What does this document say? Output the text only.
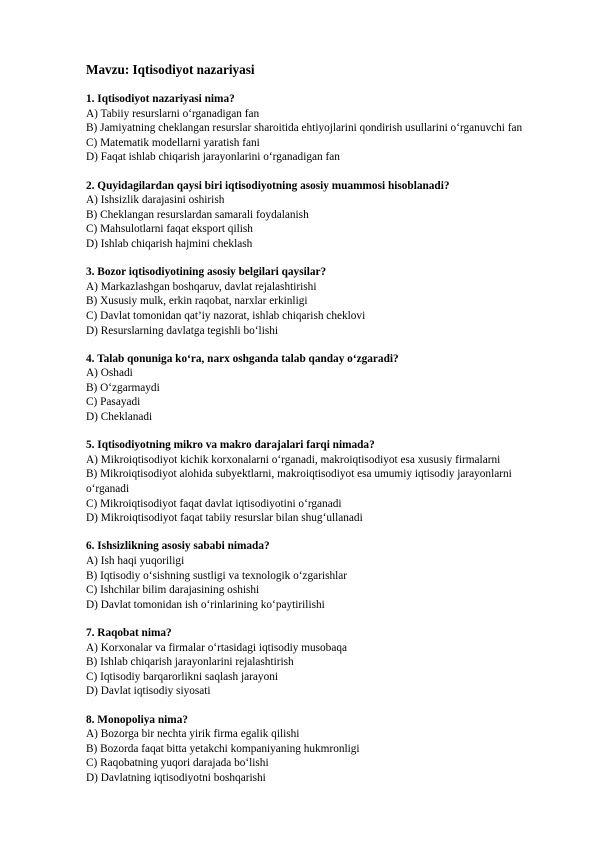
Mavzu: Iqtisodiyot nazariyasi
1. Iqtisodiyot nazariyasi nima?
A) Tabiiy resurslarni o‘rganadigan fan
B) Jamiyatning cheklangan resurslar sharoitida ehtiyojlarini qondirish usullarini o‘rganuvchi fan
C) Matematik modellarni yaratish fani
D) Faqat ishlab chiqarish jarayonlarini o‘rganadigan fan
2. Quyidagilardan qaysi biri iqtisodiyotning asosiy muammosi hisoblanadi?
A) Ishsizlik darajasini oshirish
B) Cheklangan resurslardan samarali foydalanish
C) Mahsulotlarni faqat eksport qilish
D) Ishlab chiqarish hajmini cheklash
3. Bozor iqtisodiyotining asosiy belgilari qaysilar?
A) Markazlashgan boshqaruv, davlat rejalashtirishi
B) Xususiy mulk, erkin raqobat, narxlar erkinligi
C) Davlat tomonidan qat’iy nazorat, ishlab chiqarish cheklovi
D) Resurslarning davlatga tegishli bo‘lishi
4. Talab qonuniga ko‘ra, narx oshganda talab qanday o‘zgaradi?
A) Oshadi
B) O‘zgarmaydi
C) Pasayadi
D) Cheklanadi
5. Iqtisodiyotning mikro va makro darajalari farqi nimada?
A) Mikroiqtisodiyot kichik korxonalarni o‘rganadi, makroiqtisodiyot esa xususiy firmalarni
B) Mikroiqtisodiyot alohida subyektlarni, makroiqtisodiyot esa umumiy iqtisodiy jarayonlarni o‘rganadi
C) Mikroiqtisodiyot faqat davlat iqtisodiyotini o‘rganadi
D) Mikroiqtisodiyot faqat tabiiy resurslar bilan shug‘ullanadi
6. Ishsizlikning asosiy sababi nimada?
A) Ish haqi yuqoriligi
B) Iqtisodiy o‘sishning sustligi va texnologik o‘zgarishlar
C) Ishchilar bilim darajasining oshishi
D) Davlat tomonidan ish o‘rinlarining ko‘paytirilishi
7. Raqobat nima?
A) Korxonalar va firmalar o‘rtasidagi iqtisodiy musobaqa
B) Ishlab chiqarish jarayonlarini rejalashtirish
C) Iqtisodiy barqarorlikni saqlash jarayoni
D) Davlat iqtisodiy siyosati
8. Monopoliya nima?
A) Bozorga bir nechta yirik firma egalik qilishi
B) Bozorda faqat bitta yetakchi kompaniyaning hukmronligi
C) Raqobatning yuqori darajada bo‘lishi
D) Davlatning iqtisodiyotni boshqarishi
